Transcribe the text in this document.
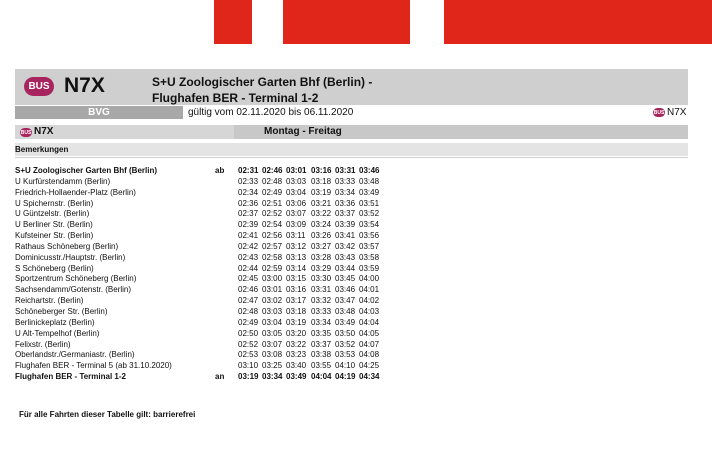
BUS N7X	S+U Zoologischer Garten Bhf (Berlin) -
Flughafen BER - Terminal 1-2
BVG	gültig vom 02.11.2020 bis 06.11.2020	BUS N7X
BUS N7X	Montag - Freitag
Bemerkungen
S+U Zoologischer Garten Bhf (Berlin)	ab	02:31 02:46 03:01 03:16 03:31 03:46
U Kurfürstendamm (Berlin)	02:33 02:48 03:03 03:18 03:33 03:48
Friedrich-Hollaender-Platz (Berlin)	02:34 02:49 03:04 03:19 03:34 03:49
U Spichernstr. (Berlin)	02:36 02:51 03:06 03:21 03:36 03:51
U Güntzelstr. (Berlin)	02:37 02:52 03:07 03:22 03:37 03:52
U Berliner Str. (Berlin)	02:39 02:54 03:09 03:24 03:39 03:54
Kufsteiner Str. (Berlin)	02:41 02:56 03:11 03:26 03:41 03:56
Rathaus Schöneberg (Berlin)	02:42 02:57 03:12 03:27 03:42 03:57
Dominicusstr./Hauptstr. (Berlin)	02:43 02:58 03:13 03:28 03:43 03:58
S Schöneberg (Berlin)	02:44 02:59 03:14 03:29 03:44 03:59
Sportzentrum Schöneberg (Berlin)	02:45 03:00 03:15 03:30 03:45 04:00
Sachsendamm/Gotenstr. (Berlin)	02:46 03:01 03:16 03:31 03:46 04:01
Reichartstr. (Berlin)	02:47 03:02 03:17 03:32 03:47 04:02
Schöneberger Str. (Berlin)	02:48 03:03 03:18 03:33 03:48 04:03
Berlinickeplatz (Berlin)	02:49 03:04 03:19 03:34 03:49 04:04
U Alt-Tempelhof (Berlin)	02:50 03:05 03:20 03:35 03:50 04:05
Felixstr. (Berlin)	02:52 03:07 03:22 03:37 03:52 04:07
Oberlandstr./Germaniastr. (Berlin)	02:53 03:08 03:23 03:38 03:53 04:08
Flughafen BER - Terminal 5 (ab 31.10.2020)	03:10 03:25 03:40 03:55 04:10 04:25
Flughafen BER - Terminal 1-2	an	03:19 03:34 03:49 04:04 04:19 04:34
Für alle Fahrten dieser Tabelle gilt: barrierefrei
